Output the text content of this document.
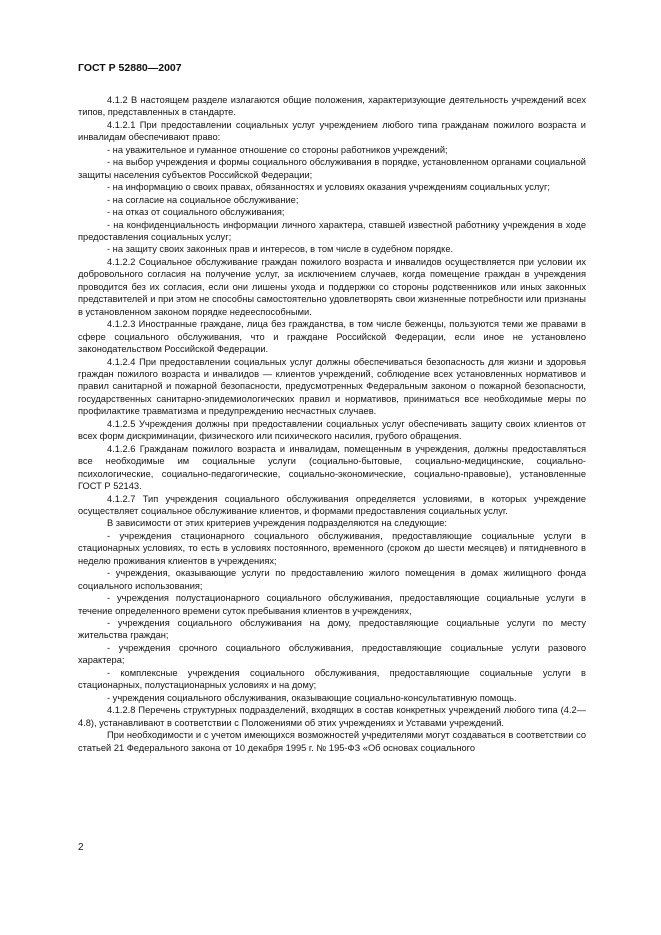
ГОСТ Р 52880—2007

4.1.2 В настоящем разделе излагаются общие положения, характеризующие деятельность учреждений всех типов, представленных в стандарте.

4.1.2.1 При предоставлении социальных услуг учреждением любого типа гражданам пожилого возраста и инвалидам обеспечивают право:

- на уважительное и гуманное отношение со стороны работников учреждений;

- на выбор учреждения и формы социального обслуживания в порядке, установленном органами социальной защиты населения субъектов Российской Федерации;

- на информацию о своих правах, обязанностях и условиях оказания учреждениям социальных услуг;

- на согласие на социальное обслуживание;

- на отказ от социального обслуживания;

- на конфиденциальность информации личного характера, ставшей известной работнику учреждения в ходе предоставления социальных услуг;

- на защиту своих законных прав и интересов, в том числе в судебном порядке.

4.1.2.2 Социальное обслуживание граждан пожилого возраста и инвалидов осуществляется при условии их добровольного согласия на получение услуг, за исключением случаев, когда помещение граждан в учреждения проводится без их согласия, если они лишены ухода и поддержки со стороны родственников или иных законных представителей и при этом не способны самостоятельно удовлетворять свои жизненные потребности или признаны в установленном законом порядке недееспособными.

4.1.2.3 Иностранные граждане, лица без гражданства, в том числе беженцы, пользуются теми же правами в сфере социального обслуживания, что и граждане Российской Федерации, если иное не установлено законодательством Российской Федерации.

4.1.2.4 При предоставлении социальных услуг должны обеспечиваться безопасность для жизни и здоровья граждан пожилого возраста и инвалидов — клиентов учреждений, соблюдение всех установленных нормативов и правил санитарной и пожарной безопасности, предусмотренных Федеральным законом о пожарной безопасности, государственных санитарно-эпидемиологических правил и нормативов, приниматься все необходимые меры по профилактике травматизма и предупреждению несчастных случаев.

4.1.2.5 Учреждения должны при предоставлении социальных услуг обеспечивать защиту своих клиентов от всех форм дискриминации, физического или психического насилия, грубого обращения.

4.1.2.6 Гражданам пожилого возраста и инвалидам, помещенным в учреждения, должны предоставляться все необходимые им социальные услуги (социально-бытовые, социально-медицинские, социально-психологические, социально-педагогические, социально-экономические, социально-правовые), установленные ГОСТ Р 52143.

4.1.2.7 Тип учреждения социального обслуживания определяется условиями, в которых учреждение осуществляет социальное обслуживание клиентов, и формами предоставления социальных услуг.

В зависимости от этих критериев учреждения подразделяются на следующие:

- учреждения стационарного социального обслуживания, предоставляющие социальные услуги в стационарных условиях, то есть в условиях постоянного, временного (сроком до шести месяцев) и пятидневного в неделю проживания клиентов в учреждениях;

- учреждения, оказывающие услуги по предоставлению жилого помещения в домах жилищного фонда социального использования;

- учреждения полустационарного социального обслуживания, предоставляющие социальные услуги в течение определенного времени суток пребывания клиентов в учреждениях,

- учреждения социального обслуживания на дому, предоставляющие социальные услуги по месту жительства граждан;

- учреждения срочного социального обслуживания, предоставляющие социальные услуги разового характера;

- комплексные учреждения социального обслуживания, предоставляющие социальные услуги в стационарных, полустационарных условиях и на дому;

- учреждения социального обслуживания, оказывающие социально-консультативную помощь.

4.1.2.8 Перечень структурных подразделений, входящих в состав конкретных учреждений любого типа (4.2—4.8), устанавливают в соответствии с Положениями об этих учреждениях и Уставами учреждений.

При необходимости и с учетом имеющихся возможностей учредителями могут создаваться в соответствии со статьей 21 Федерального закона от 10 декабря 1995 г. № 195-ФЗ «Об основах социального

2
